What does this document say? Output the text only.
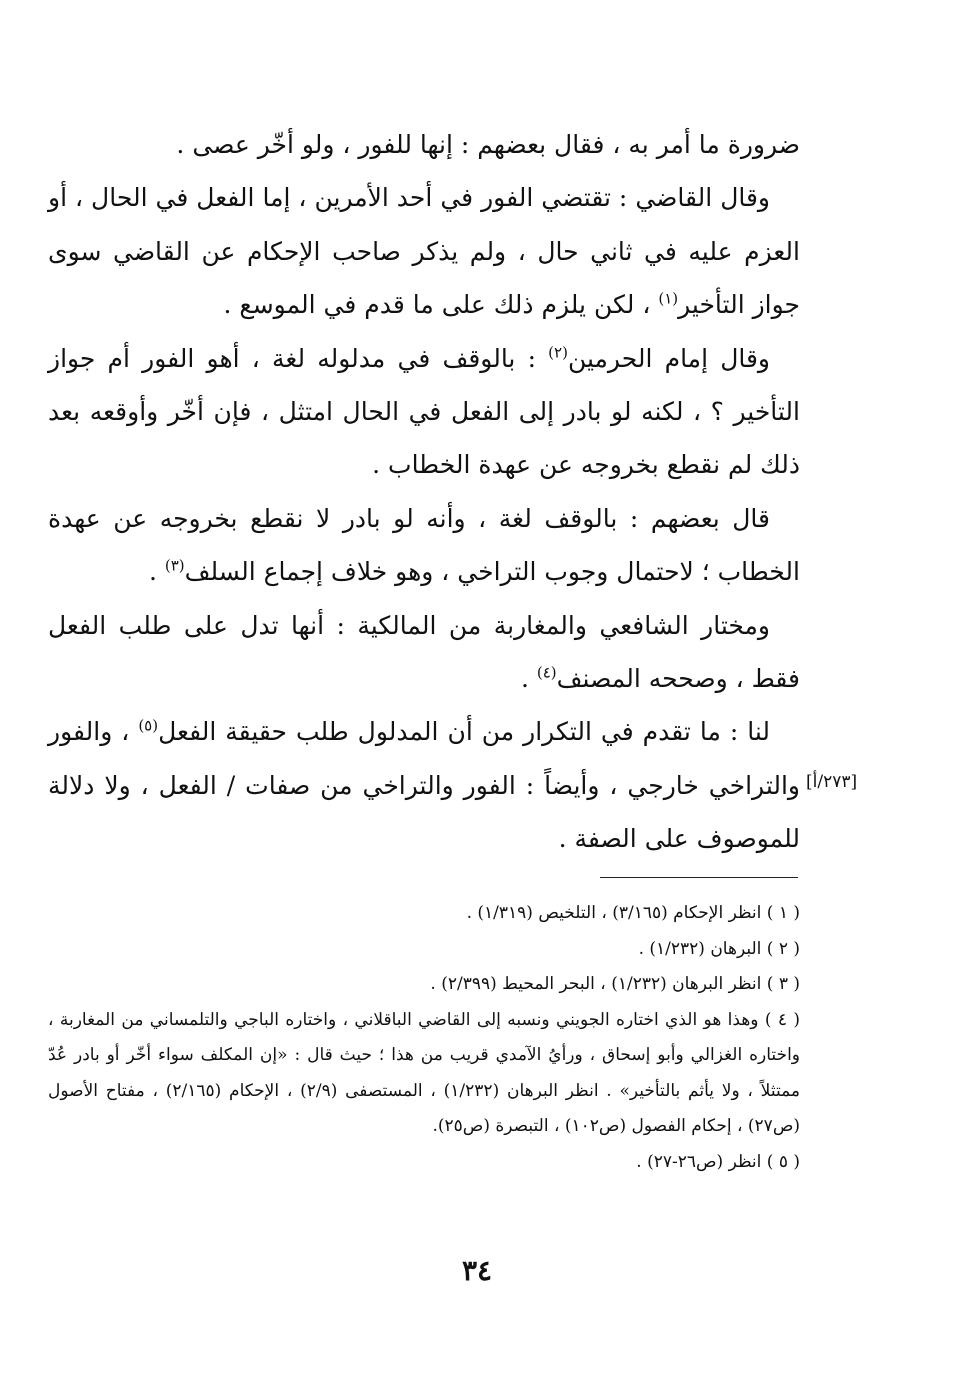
ضرورة ما أمر به ، فقال بعضهم : إنها للفور ، ولو أخّر عصى .

وقال القاضي : تقتضي الفور في أحد الأمرين ، إما الفعل في الحال ، أو العزم عليه في ثاني حال ، ولم يذكر صاحب الإحكام عن القاضي سوى جواز التأخير$^{(١)}$ ، لكن يلزم ذلك على ما قدم في الموسع .

وقال إمام الحرمين$^{(٢)}$ : بالوقف في مدلوله لغة ، أهو الفور أم جواز التأخير ؟ ، لكنه لو بادر إلى الفعل في الحال امتثل ، فإن أخّر وأوقعه بعد ذلك لم نقطع بخروجه عن عهدة الخطاب .

قال بعضهم : بالوقف لغة ، وأنه لو بادر لا نقطع بخروجه عن عهدة الخطاب ؛ لاحتمال وجوب التراخي ، وهو خلاف إجماع السلف$^{(٣)}$ .

ومختار الشافعي والمغاربة من المالكية : أنها تدل على طلب الفعل فقط ، وصححه المصنف$^{(٤)}$ .

لنا : ما تقدم في التكرار من أن المدلول طلب حقيقة الفعل$^{(٥)}$ ، والفور والتراخي خارجي ، وأيضاً : الفور والتراخي من صفات / الفعل ، ولا دلالة للموصوف على الصفة .

[٢٧٣/أ]

( ١ ) انظر الإحكام (٣/١٦٥) ، التلخيص (١/٣١٩) .

( ٢ ) البرهان (١/٢٣٢) .

( ٣ ) انظر البرهان (١/٢٣٢) ، البحر المحيط (٢/٣٩٩) .

( ٤ ) وهذا هو الذي اختاره الجويني ونسبه إلى القاضي الباقلاني ، واختاره الباجي والتلمساني من المغاربة ، واختاره الغزالي وأبو إسحاق ، ورأيُ الآمدي قريب من هذا ؛ حيث قال : «إن المكلف سواء أخّر أو بادر عُدّ ممتثلاً ، ولا يأثم بالتأخير» . انظر البرهان (١/٢٣٢) ، المستصفى (٢/٩) ، الإحكام (٢/١٦٥) ، مفتاح الأصول (ص٢٧) ، إحكام الفصول (ص١٠٢) ، التبصرة (ص٢٥).

( ٥ ) انظر (ص٢٦-٢٧) .

٣٤
